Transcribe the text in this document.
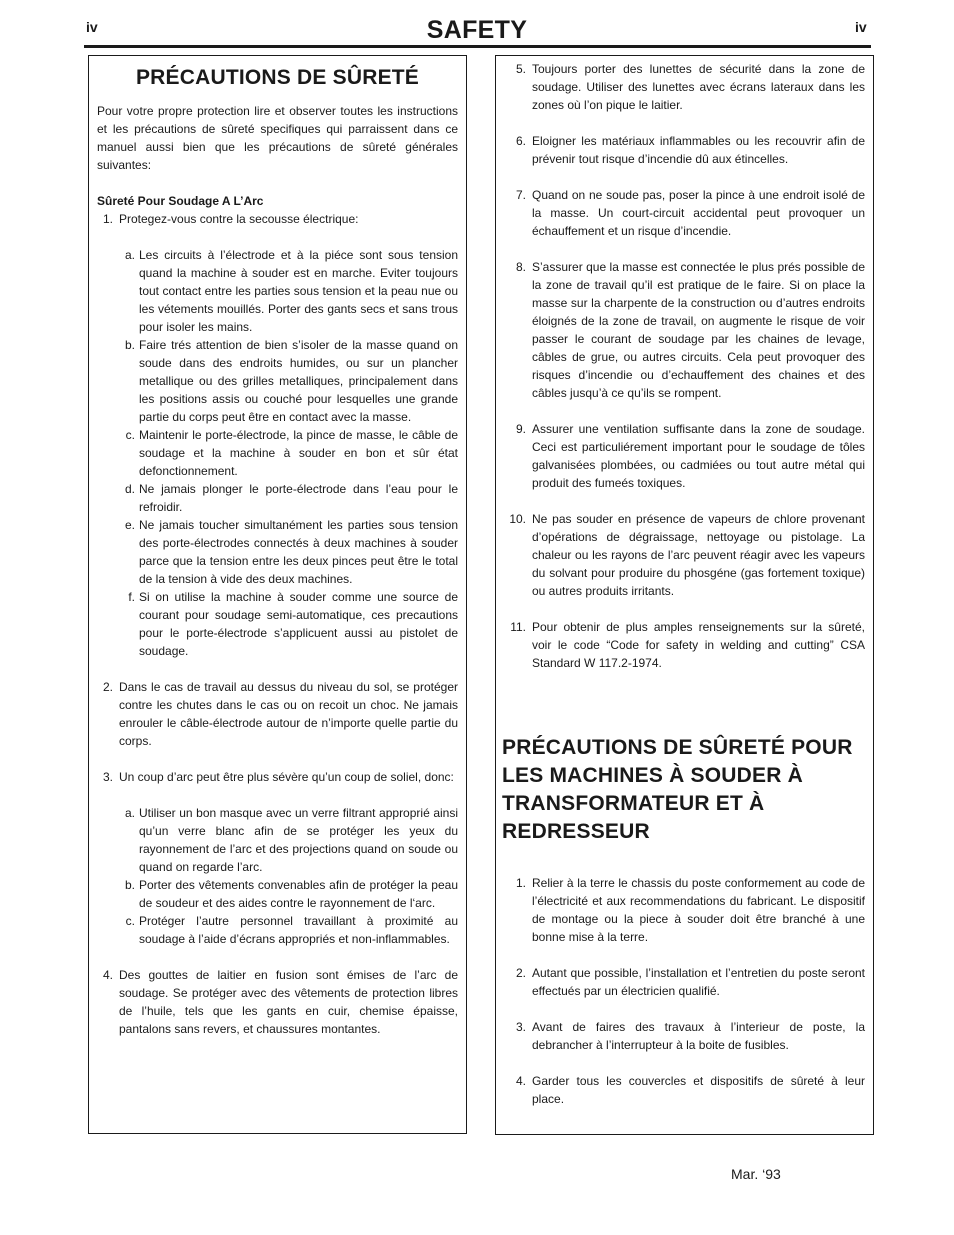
iv	SAFETY	iv
PRÉCAUTIONS DE SÛRETÉ
Pour votre propre protection lire et observer toutes les instructions et les précautions de sûreté specifiques qui parraissent dans ce manuel aussi bien que les précautions de sûreté générales suivantes:
Sûreté Pour Soudage A L’Arc
1. Protegez-vous contre la secousse électrique:
a. Les circuits à l’électrode et à la piéce sont sous tension quand la machine à souder est en marche. Eviter toujours tout contact entre les parties sous tension et la peau nue ou les vétements mouillés. Porter des gants secs et sans trous pour isoler les mains.
b. Faire trés attention de bien s’isoler de la masse quand on soude dans des endroits humides, ou sur un plancher metallique ou des grilles metalliques, principalement dans les positions assis ou couché pour lesquelles une grande partie du corps peut être en contact avec la masse.
c. Maintenir le porte-électrode, la pince de masse, le câble de soudage et la machine à souder en bon et sûr état defonctionnement.
d. Ne jamais plonger le porte-électrode dans l’eau pour le refroidir.
e. Ne jamais toucher simultanément les parties sous tension des porte-électrodes connectés à deux machines à souder parce que la tension entre les deux pinces peut être le total de la tension à vide des deux machines.
f. Si on utilise la machine à souder comme une source de courant pour soudage semi-automatique, ces precautions pour le porte-électrode s’applicuent aussi au pistolet de soudage.
2. Dans le cas de travail au dessus du niveau du sol, se protéger contre les chutes dans le cas ou on recoit un choc. Ne jamais enrouler le câble-électrode autour de n’importe quelle partie du corps.
3. Un coup d’arc peut être plus sévère qu’un coup de soliel, donc:
a. Utiliser un bon masque avec un verre filtrant approprié ainsi qu’un verre blanc afin de se protéger les yeux du rayonnement de l’arc et des projections quand on soude ou quand on regarde l’arc.
b. Porter des vêtements convenables afin de protéger la peau de soudeur et des aides contre le rayonnement de l‘arc.
c. Protéger l’autre personnel travaillant à proximité au soudage à l’aide d’écrans appropriés et non-inflammables.
4. Des gouttes de laitier en fusion sont émises de l’arc de soudage. Se protéger avec des vêtements de protection libres de l’huile, tels que les gants en cuir, chemise épaisse, pantalons sans revers, et chaussures montantes.
5. Toujours porter des lunettes de sécurité dans la zone de soudage. Utiliser des lunettes avec écrans lateraux dans les zones où l’on pique le laitier.
6. Eloigner les matériaux inflammables ou les recouvrir afin de prévenir tout risque d’incendie dû aux étincelles.
7. Quand on ne soude pas, poser la pince à une endroit isolé de la masse. Un court-circuit accidental peut provoquer un échauffement et un risque d’incendie.
8. S’assurer que la masse est connectée le plus prés possible de la zone de travail qu’il est pratique de le faire. Si on place la masse sur la charpente de la construction ou d’autres endroits éloignés de la zone de travail, on augmente le risque de voir passer le courant de soudage par les chaines de levage, câbles de grue, ou autres circuits. Cela peut provoquer des risques d’incendie ou d’echauffement des chaines et des câbles jusqu’à ce qu’ils se rompent.
9. Assurer une ventilation suffisante dans la zone de soudage. Ceci est particuliérement important pour le soudage de tôles galvanisées plombées, ou cadmiées ou tout autre métal qui produit des fumeés toxiques.
10. Ne pas souder en présence de vapeurs de chlore provenant d’opérations de dégraissage, nettoyage ou pistolage. La chaleur ou les rayons de l’arc peuvent réagir avec les vapeurs du solvant pour produire du phosgéne (gas fortement toxique) ou autres produits irritants.
11. Pour obtenir de plus amples renseignements sur la sûreté, voir le code “Code for safety in welding and cutting” CSA Standard W 117.2-1974.
PRÉCAUTIONS DE SÛRETÉ POUR LES MACHINES À SOUDER À TRANSFORMATEUR ET À REDRESSEUR
1. Relier à la terre le chassis du poste conformement au code de l’électricité et aux recommendations du fabricant. Le dispositif de montage ou la piece à souder doit être branché à une bonne mise à la terre.
2. Autant que possible, l’installation et l’entretien du poste seront effectués par un électricien qualifié.
3. Avant de faires des travaux à l’interieur de poste, la debrancher à l’interrupteur à la boite de fusibles.
4. Garder tous les couvercles et dispositifs de sûreté à leur place.
Mar. ‘93
